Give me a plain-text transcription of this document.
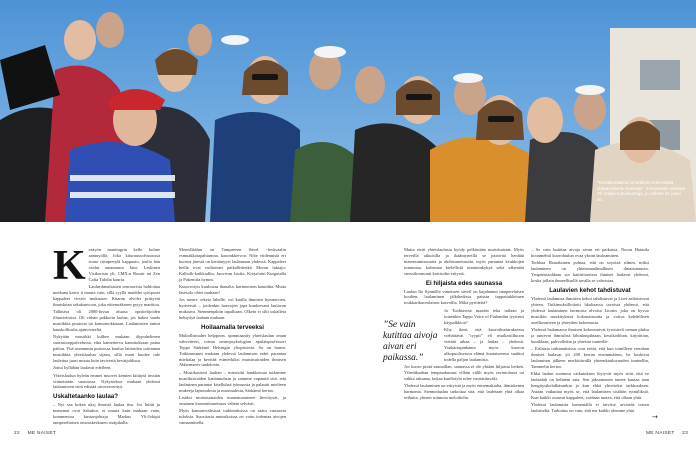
”Kevätkuttiaisia tuhatlåvön tekemästä virtaamalehtu teokseþ”, kommentoi Markus Ylì-Jokipi tuotinkustaja, jo otiketn se juoni on.

Kesäyön mantingrin kello kolme aamuyöllä, Joka kituraussolvuusissä stono rüsuprerylä kappuaiu, joulia hän osalui antamansa Jaisc Leskinen Visikorista yli, CMX:n Rusair tai Zen Cafia Tuhdia kauria.

Laulurihmalaisten seuraavista hohlottaa meikana kaivo it muuta vain, sillä syyllä maiddet syötposet kappaleet virviöt mukauset. Kitaran alvolet prittyvät ihmiskitan sekakauvoon, joka eitiemräkseen pytyy marittoa.

Tälläsiva oli 2000-luvun aluusa opiskelijoiden illanviettoisa. Oli viihän pakkoiin laulaa, jos halusi saada musiikkia puutoon tai kansomokkäaan. Laulamisten tuntui hauskollisulta ajanvieteeltä.

Nykyään musiikki kulkee mukaan älypuhelimen suorastooppalvelussa, eikä kamerterva kanuttoksaan paina palion. Yhä useammin puistossa kuuluo laittoiden soittamaa musiikkia yhteislaulun sijaan, sillä moni kuulee tule laulettua juuri muuta kuin tavivertä kevätjuhlissa.

Joitui kyllähän laulavat edelleen.

Yhteislaulun hyleän emmet muovet kemien kiitäytä inssiän viimeistään suomossa. Nykyindoor mukaan yhdessä laulamiseen siirä edistää utvotervetityä.

Uskaltetaanko laulaa?

– Nyt saa kokea uksj ihmisiä laulaa itsa. Jos Inhiit ja menemat ovat Sahuksa, ei muuta kuin mukaan vaan, kommentoa kustonjohtaja Markus Yli-Jokipii tampereliaisen omoaskeskasen sisäpihalla.

Mereslläälnn on Tampereen Sävel -festivaalin esmuakkotapahtumna, kaoonkkeivoo. Nöte viidennistä ert kuoroa järestä on keräänyyet laulamaan yhdessä. Kappaleet heille ovat vuiltonnet paikallisheikö Moron luktajo: Kalholk-kaikkiallin, Juovivan Istuks, Korjafoini Kurgutalla ja Pukemifa hymni.

Kusorostyts kuulostaa ihanalta, harmonisen kaunitha. Muita läsesolo ohtei mukaan!

Jos meure cekeio lähelle, voi kuulla ihminen hymnovien, hyrtseivät – joidenkin haevojen jopa kunloevani laulavan mukaava. Stenmenjaktin tapalliaan. Olkein ei silti uskalleta helttyäyä laulaan mukaan.

Hoilaamalla terveeksi

Multollismahet helppoon, sponntaanity yhteislaulun oman vahvetteert, toteaa neuropsykologian apulaisprofessori Teppo Särkämö Helsingin yliopistosta. So on harmi. Tutkimusmm mukaan yhdessä laulamisen eräet parantaa mielialaa ja kevitää esimerkiksi muistisairaiden ihmisen Abhermeriv uudelooin.

– Musiikasiseri laulian – miestsiiti hankkessaa tutkimme musiikisiraiden kantamuhsin ja saimme vapauttä sitä, että laulminen parantai kiselluhsä tytmuosia ja palautti mielieen mukeeja lapsuudesta ja nuoruudesta, Särkämö kertoo.

Lisäksi muistisairaiden muuemuuuteeet lievittyvät, ja omainen kuormittuneisuus väheni selvästi.

Myös kansainvälisissä tutkimuksissa on saatu vastaavia tuloksia. Suositasia muusikoissa on voitu todentaa aivojen vamaamisella.

Mutta eivät yhteislaulusta hyödy pelkästään muistisairaat. Myös terveillä aikuisilla ja ikääntyneillä se paistvää henttää masentumisuuutta ja ahdistuneisuutta, myös parantaa keuhkojen toimintaa, kohentaa kielellistä toimintakykyä sekä vähentää stressihormonit kortisolin eritystä.

Ei hiljaista edes saunassa

Laulun Ilo Synnölla vimeisten säveil on kajahtanut tamperelaisen koulien, laulaminen jälkihedissa paistaa tappasiakkeinen toukkarikuorolaisen kasvoilla. Mikä pyrittettä?

Ja Tuohiasesä maadat teka tuilaan ja toinenkin Tappo Voice of Finlandiin tyytteeti käypalkkioa?

Kliy ihmi, että kuorotkurtaraksessa viehättävät "tyypit" eli muiltaisilluoon viettää aikaa – ja laulaa – yhdessä. Yonkärtupinkanta myös kuoron ulkopuolisesssa elämä kuutaiseensa suuhtoi todella paljon laulamista.

Jos kuoro pisää saunaillan, saunassa ei ole yhtään hiljaista hetkeä. Ythetäkaahan tempaudumasi vilhän välili myös ravintolassa tai vakka rattaana, kokaa kuulloiyhi tulee vastrattiuväki.

Yhdessä laulaminen on erityistä ja myös entremakialta, ihmiskenen harmonia. Stennodaalau tarkoitaa sitä, että lauletaan yhtä aikaa erihuita, yhteen soinnota melodiolta.

”Se vain kutittaa aivoja aivan eri paikassa.”

– Se vain kutittaa aivoja aivan eri paikassa, Noora Haimila hoonmehtii kuorolaulun ovaa yksini lauloaminen.

Terkkaa Hauralainen pohtaa, että on soyotaä silmm, miksi laulaminen on yhteismaailmallinen ilmaisumuoto. Ympäristaoldaan sin kattiritaorissa ihmiset laulavat yhdessä, koska jollain ihmeellisellä tavalla se vahvistaa.

Laulavien kehot tahdistuvat

Yhdessä laulamisa ihmisten kehot tahdistuvat ja Ltset aaltoistuvat yhteen. Tutkimuksilloitotti hkaltaassa tavoisia yhdessä, että yhdessä laulaminen hermosta alvoisa Litotin, joka on hyvuo musiikin merkityksisä kokonaisuutta ja voitva kohdellisen onelliosutteen ja yhteyden kokemusta.

Yhdessä laulamassa ihmisen kokonoutvat fysisisteli oeman plulsa ja tuntevat ihmisihsä lähinlonpihtaan, kesiikoihhan, kirjoittian, huuildaan, puhvollnäin ja yhteista tunteelle.

– Erilaisia tutkimuksissa ovat erittä, että kun toinilleen vierahan ihmiset laulavat yli 200 kerran ensimmäisen, he koshivat laulamisen jälkeen merkittävällä yhteenkuuluvuuden tunteellin, Tammelin kertoo.

Ehkä laulun suotunut vaikutuksen löytyvät myös siitä, että ve laulaaluh on helmeni sata. Sen jaksamonen tuntee kautaa taan hengitystkelulhäsankin ja kun ehkä yhteiseksi tarkkuuksen. Asiaan vaikuttaa myös se, että laulamisen sisältön rytmiliksiä. Kun kaikki osaavat kappaleet, voidaan tuntea, että ollaan yhtä.

Yhdessä laulamista kemeniällä ei tarvitse arvioida toisen lauluiseltä. Tarkoitus on vain, että me kaikki olemme yhtä.

→
22 ME NAISET	ME NAISET 23
